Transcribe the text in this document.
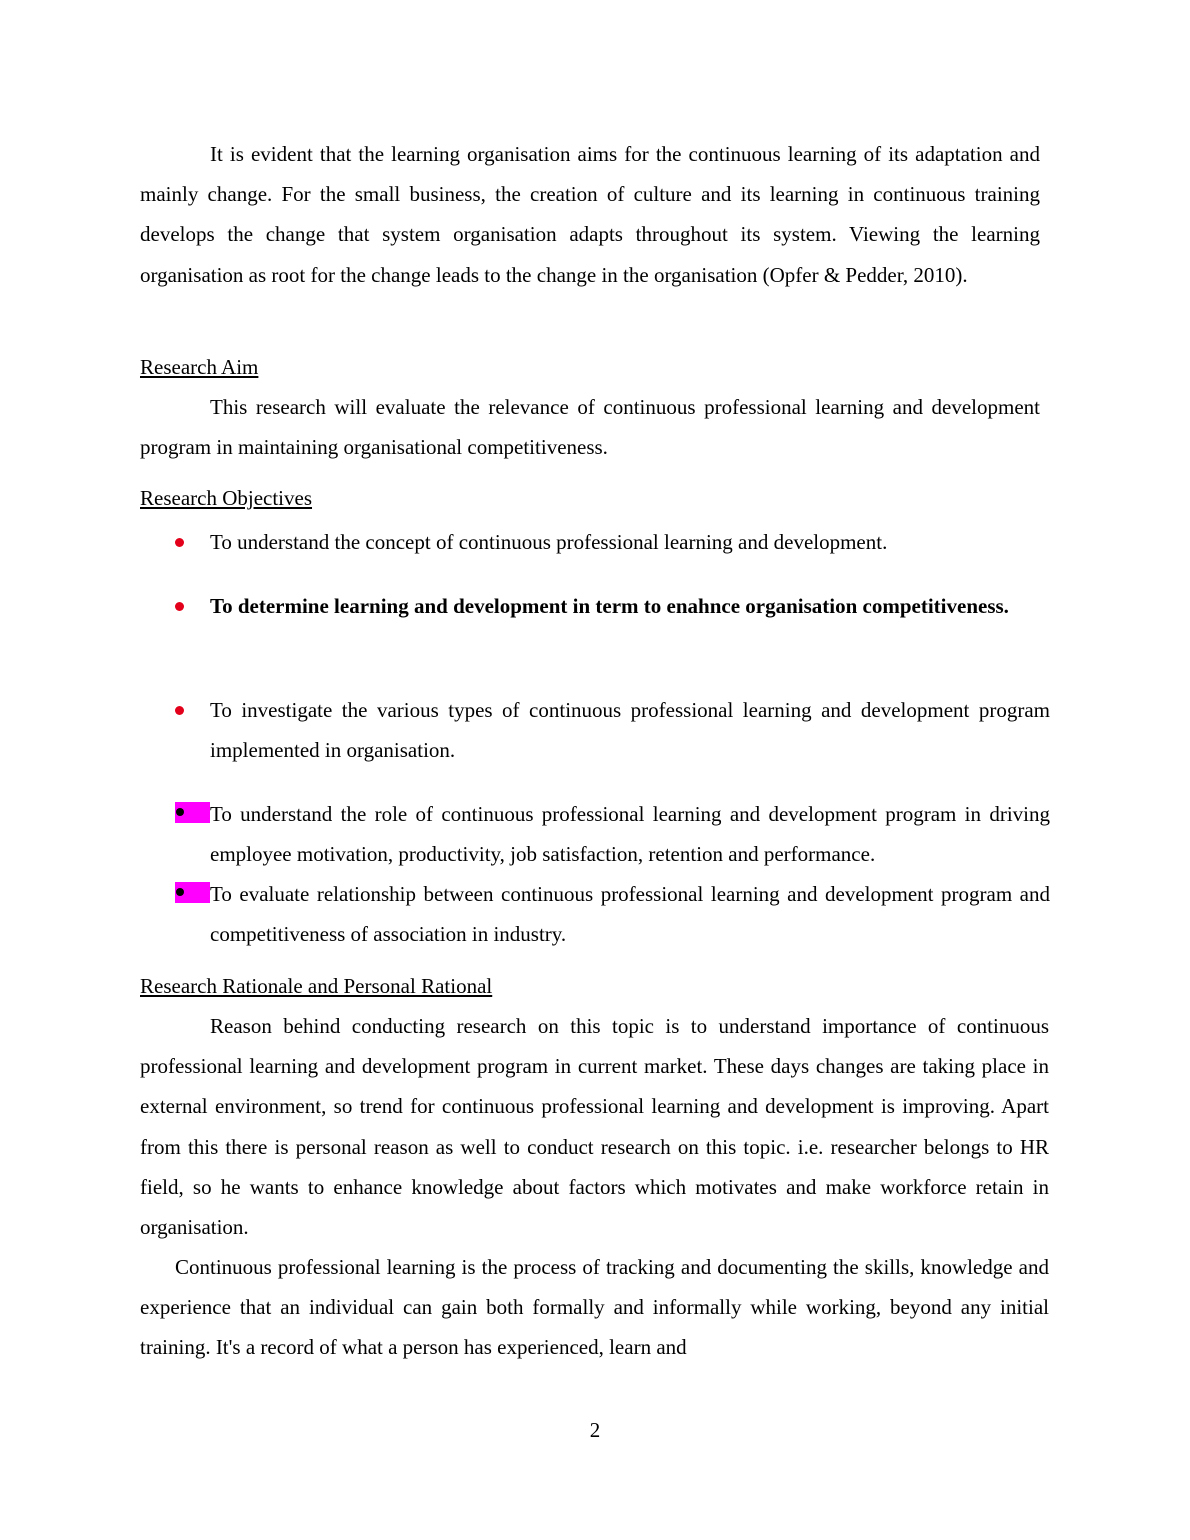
It is evident that the learning organisation aims for the continuous learning of its adaptation and mainly change. For the small business, the creation of culture and its learning in continuous training develops the change that system organisation adapts throughout its system. Viewing the learning organisation as root for the change leads to the change in the organisation (Opfer & Pedder, 2010).

Research Aim

This research will evaluate the relevance of continuous professional learning and development program in maintaining organisational competitiveness.

Research Objectives

To understand the concept of continuous professional learning and development.

To determine learning and development in term to enahnce organisation competitiveness.

To investigate the various types of continuous professional learning and development program implemented in organisation.

To understand the role of continuous professional learning and development program in driving employee motivation, productivity, job satisfaction, retention and performance.

To evaluate relationship between continuous professional learning and development program and competitiveness of association in industry.

Research Rationale and Personal Rational

Reason behind conducting research on this topic is to understand importance of continuous professional learning and development program in current market. These days changes are taking place in external environment, so trend for continuous professional learning and development is improving. Apart from this there is personal reason as well to conduct research on this topic. i.e. researcher belongs to HR field, so he wants to enhance knowledge about factors which motivates and make workforce retain in organisation.

Continuous professional learning is the process of tracking and documenting the skills, knowledge and experience that an individual can gain both formally and informally while working, beyond any initial training. It's a record of what a person has experienced, learn and

2
